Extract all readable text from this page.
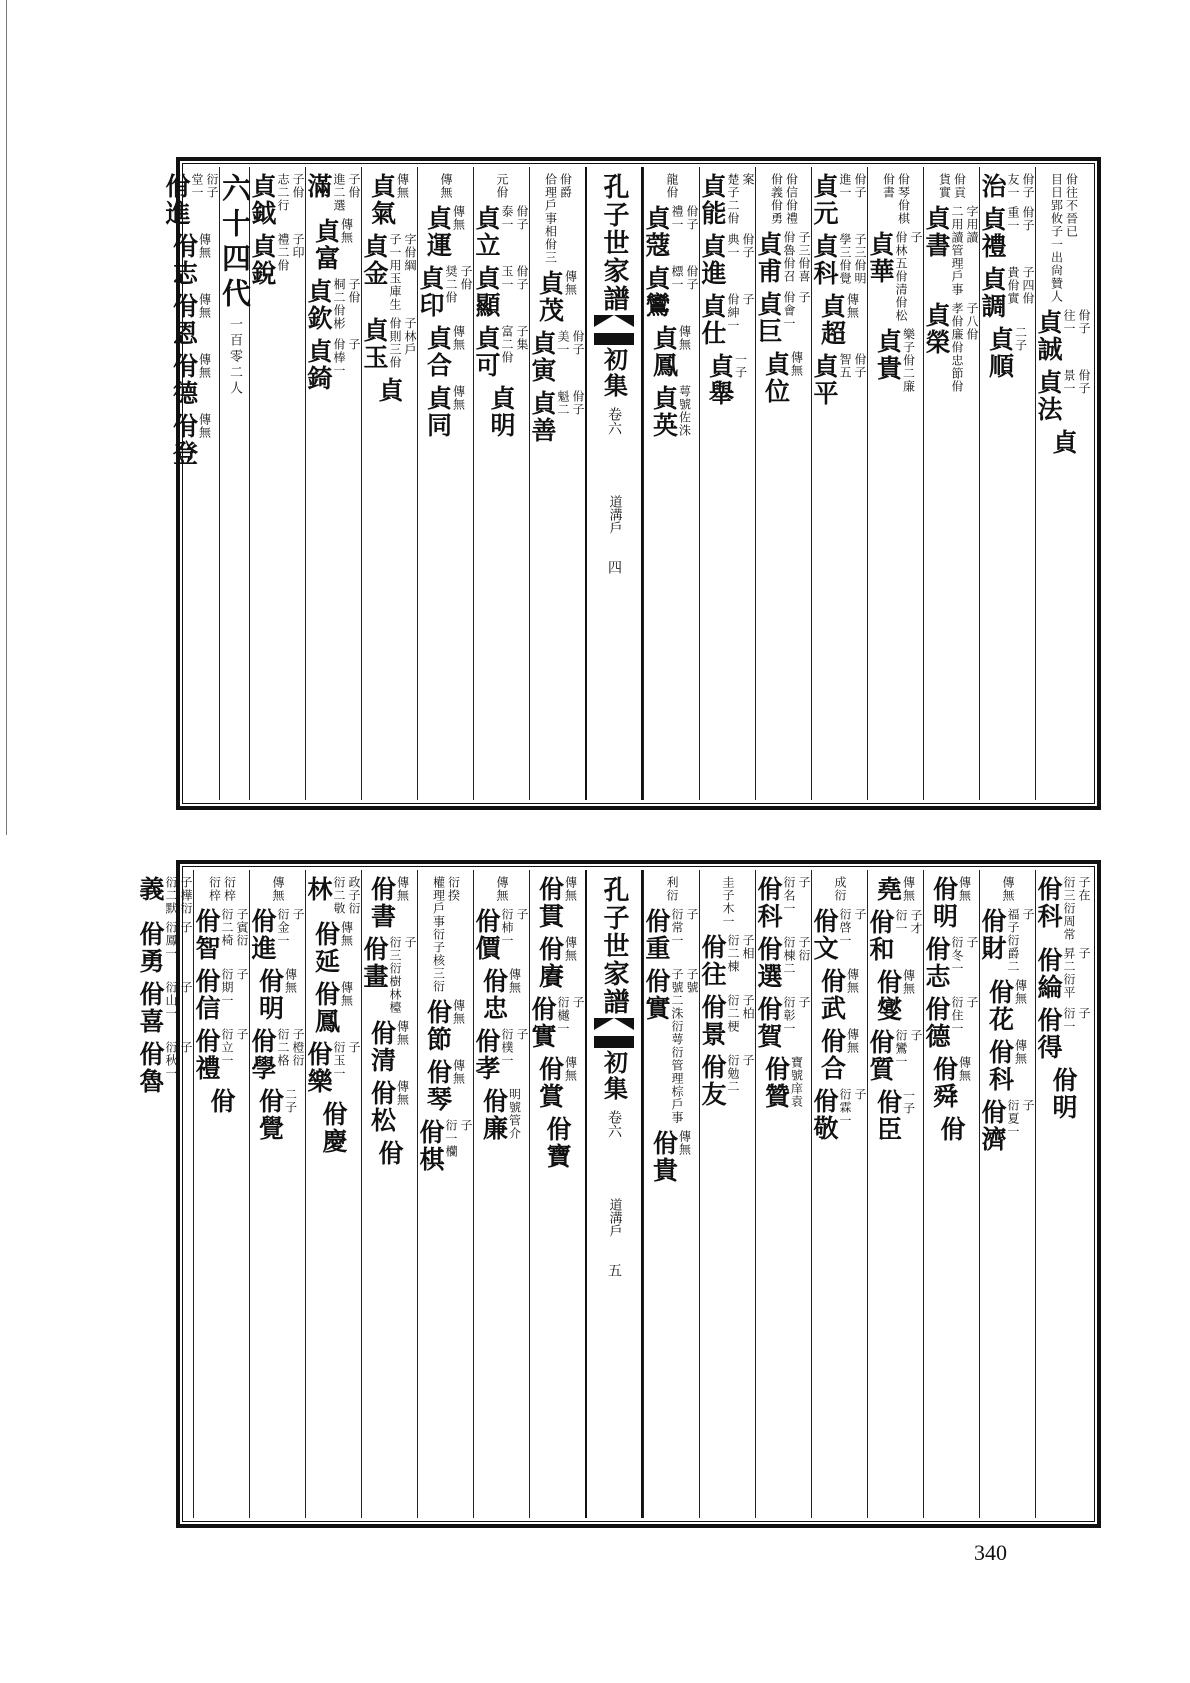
目日郢攸子一出尙贊人 佾往不晉已
貞誠 往一 佾子
貞法 景一 佾子
貞
治 友一 佾子
貞禮 重一 佾子
貞調 貴佾實 子四佾
貞順 二子
貨實 佾貢
貞書 二用讀管理戶事 字用讀
貞榮 孝佾廉佾忠節佾 子八佾
佾書 佾琴佾棋
貞華 佾林五佾清佾松 子
貞貴 樂子佾二廉
貞元 進一 佾子
貞科 學三佾覺 子三佾明
貞超 傳無
貞平 智五 佾子
佾義佾勇 佾信佾禮
貞甫 佾魯佾召 子三佾喜
貞巨 佾會一 子
貞位 傳無
貞能 楚子二佾 案
貞進 典一 佾子
貞仕 佾紳一 子
貞舉 一子
龍佾
貞蔻 禮一 佾子
貞鸞 標一 佾子
貞鳳 傳無
貞英 萼號佐洙
孔子世家譜
初集
卷六
道溝戶
四
佮理戶事相佾三 佾爵
貞茂 傳無
貞寅 美一 佾子
貞善 魁二 佾子
元佾
貞立 泰一 佾子
貞顯 玉一 佾子
貞可 富二佾 子集
貞明
傳無
貞運 傳無
貞印 奨二佾 子佾
貞合 傳無
貞同 傳無
貞氣 傳無
貞金 子一用玉庫生 字佾綱
貞玉 佾則三佾 子林戶
貞
滿 進二選 子佾
貞富 傳無
貞欽 桐二佾彬 子佾
貞錡 佾棒一 子
貞鉞 志二行 子佾
貞銳 禮二佾 子印
六十四代
一百零二人
佾進 堂一 衍子
佾志 傳無
佾恩 傳無
佾德 傳無
佾登 傳無
佾科 衍三衍周常 子在
佾綸 昇二衍平 子
佾得 衍一 子
佾明
傳無
佾財 福子衍爵二 子
佾花 傳無
佾科 傳無
佾濟 衍夏一 子
佾明 傳無
佾志 衍冬一 子
佾德 衍住一 子
佾舜 傳無
佾
堯 傳無
佾和 衍一 子才
佾燮 傳無
佾質 衍鸞一 子
佾臣 一子
成衍
佾文 衍啓一 子
佾武 傳無
佾合 傳無
佾敬 衍霖一 子
佾科 衍名一 子
佾選 衍棟二 子衍
佾賀 衍彰一 子
佾贊 寶號庠袁
圭子木一
佾往 衍二棟 子相
佾景 衍二梗 子柏
佾友 衍勉二 子
利衍
佾重 衍常一 子
佾實 子號二洙衍萼衍管理棕戶事 子號
佾貴 傳無
孔子世家譜
初集
卷六
道溝戶
五
佾貫 傳無
佾賡 傳無
佾實 衍樾一 子
佾賞 傳無
佾寶
傳無
佾價 衍柿一 子
佾忠 傳無
佾孝 衍樸一 子
佾廉 明號管介
權理戶事衍子核三衍 衍揆
佾節 傳無
佾琴 傳無
佾棋 衍一欗 子
佾書 傳無
佾畫 衍三衍樹林檯 子
佾清 傳無
佾松 傳無
佾
林 衍二敬 政子衍
佾延 傳無
佾鳳 傳無
佾樂 衍玉一 子
佾慶
傳無
佾進 衍金一 子
佾明 傳無
佾學 衍二格 子橙衍
佾覺 二子
衍梓 衍梓
佾智 衍二椅 子賓衍
佾信 衍期一 子
佾禮 衍立一 子
佾
義 衍二默 子樺衍
佾勇 衍鳳一 子
佾喜 衍山一 子
佾魯 衍秋一 子
340
